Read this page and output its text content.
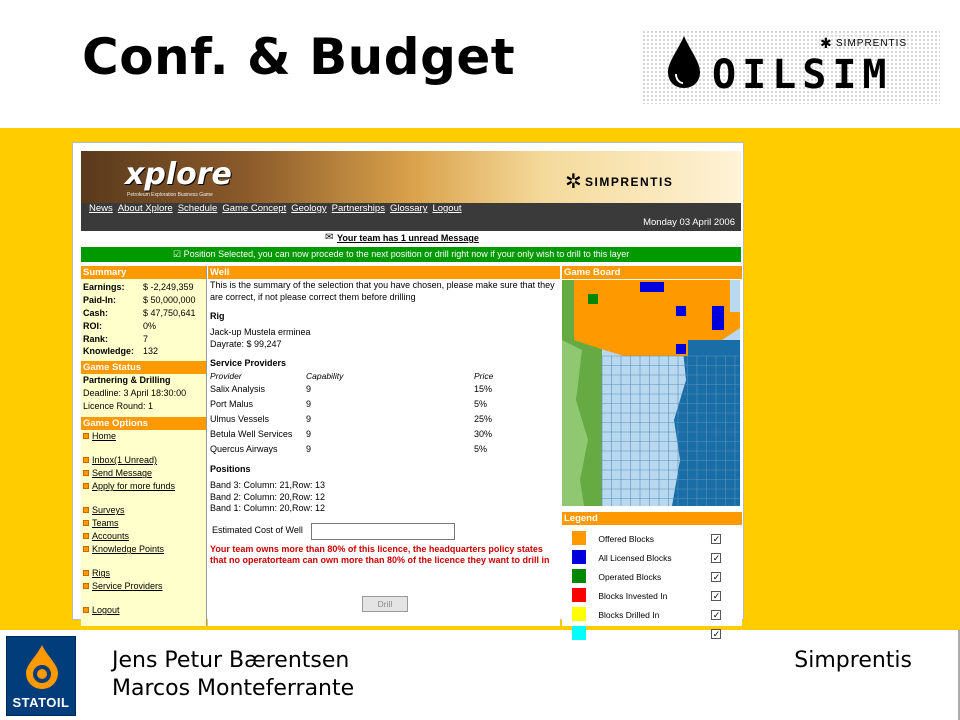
Conf. & Budget	✱ SIMPRENTIS
OILSIM
xplore
Petroleum Exploration Business Game
✲ SIMPRENTIS
News About Xplore Schedule Game Concept Geology Partnerships Glossary Logout
Monday 03 April 2006
✉ Your team has 1 unread Message
☑ Position Selected, you can now procede to the next position or drill right now if your only wish to drill to this layer
Summary
Earnings:	$ -2,249,359
Paid-In:	$ 50,000,000
Cash:	$ 47,750,641
ROI:	0%
Rank:	7
Knowledge:	132
Game Status
Partnering & Drilling
Deadline: 3 April 18:30:00
Licence Round: 1
Game Options
Home
Inbox(1 Unread)
Send Message
Apply for more funds
Surveys
Teams
Accounts
Knowledge Points
Rigs
Service Providers
Logout
Well
This is the summary of the selection that you have chosen, please make sure that they are correct, if not please correct them before drilling
Rig
Jack-up Mustela erminea
Dayrate: $ 99,247
Service Providers
Provider	Capability	Price
Salix Analysis	9	15%
Port Malus	9	5%
Ulmus Vessels	9	25%
Betula Well Services	9	30%
Quercus Airways	9	5%
Positions
Band 3: Column: 21,Row: 13
Band 2: Column: 20,Row: 12
Band 1: Column: 20,Row: 12
Estimated Cost of Well
Your team owns more than 80% of this licence, the headquarters policy states that no operatorteam can own more than 80% of the licence they want to drill in
Drill
Game Board
Legend
	Offered Blocks	✓
	All Licensed Blocks	✓
	Operated Blocks	✓
	Blocks Invested In	✓
	Blocks Drilled In	✓
		✓
STATOIL
Jens Petur Bærentsen
Marcos Monteferrante
Simprentis
